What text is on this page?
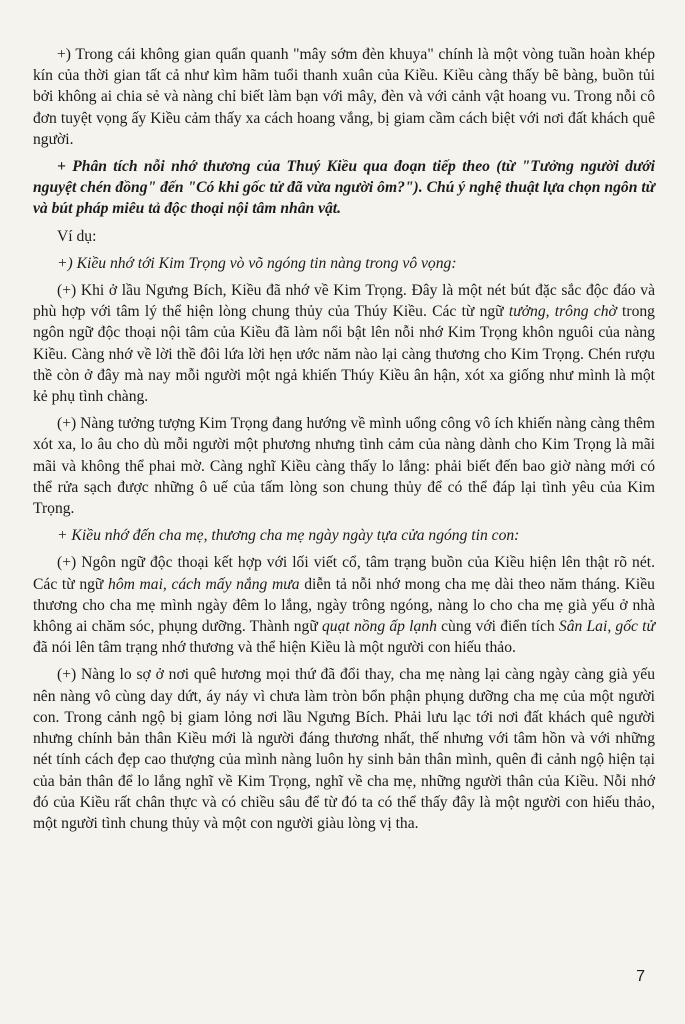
+) Trong cái không gian quẩn quanh "mây sớm đèn khuya" chính là một vòng tuần hoàn khép kín của thời gian tất cả như kìm hãm tuổi thanh xuân của Kiều. Kiều càng thấy bẽ bàng, buồn tủi bởi không ai chia sẻ và nàng chỉ biết làm bạn với mây, đèn và với cảnh vật hoang vu. Trong nỗi cô đơn tuyệt vọng ấy Kiều cảm thấy xa cách hoang vắng, bị giam cầm cách biệt với nơi đất khách quê người.

+ Phân tích nỗi nhớ thương của Thuý Kiều qua đoạn tiếp theo (từ "Tưởng người dưới nguyệt chén đồng" đến "Có khi gốc tử đã vừa người ôm?"). Chú ý nghệ thuật lựa chọn ngôn từ và bút pháp miêu tả độc thoại nội tâm nhân vật.

Ví dụ:

+) Kiều nhớ tới Kim Trọng vò võ ngóng tin nàng trong vô vọng:

(+) Khi ở lầu Ngưng Bích, Kiều đã nhớ về Kim Trọng. Đây là một nét bút đặc sắc độc đáo và phù hợp với tâm lý thể hiện lòng chung thủy của Thúy Kiều. Các từ ngữ tưởng, trông chờ trong ngôn ngữ độc thoại nội tâm của Kiều đã làm nổi bật lên nỗi nhớ Kim Trọng khôn nguôi của nàng Kiều. Càng nhớ về lời thề đôi lứa lời hẹn ước năm nào lại càng thương cho Kim Trọng. Chén rượu thề còn ở đây mà nay mỗi người một ngả khiến Thúy Kiều ân hận, xót xa giống như mình là một kẻ phụ tình chàng.

(+) Nàng tưởng tượng Kim Trọng đang hướng về mình uổng công vô ích khiến nàng càng thêm xót xa, lo âu cho dù mỗi người một phương nhưng tình cảm của nàng dành cho Kim Trọng là mãi mãi và không thể phai mờ. Càng nghĩ Kiều càng thấy lo lắng: phải biết đến bao giờ nàng mới có thể rửa sạch được những ô uế của tấm lòng son chung thủy để có thể đáp lại tình yêu của Kim Trọng.

+ Kiều nhớ đến cha mẹ, thương cha mẹ ngày ngày tựa cửa ngóng tin con:

(+) Ngôn ngữ độc thoại kết hợp với lối viết cổ, tâm trạng buồn của Kiều hiện lên thật rõ nét. Các từ ngữ hôm mai, cách mấy nắng mưa diễn tả nỗi nhớ mong cha mẹ dài theo năm tháng. Kiều thương cho cha mẹ mình ngày đêm lo lắng, ngày trông ngóng, nàng lo cho cha mẹ già yếu ở nhà không ai chăm sóc, phụng dưỡng. Thành ngữ quạt nồng ấp lạnh cùng với điển tích Sân Lai, gốc tử đã nói lên tâm trạng nhớ thương và thể hiện Kiều là một người con hiếu thảo.

(+) Nàng lo sợ ở nơi quê hương mọi thứ đã đổi thay, cha mẹ nàng lại càng ngày càng già yếu nên nàng vô cùng day dứt, áy náy vì chưa làm tròn bổn phận phụng dưỡng cha mẹ của một người con. Trong cảnh ngộ bị giam lỏng nơi lầu Ngưng Bích. Phải lưu lạc tới nơi đất khách quê người nhưng chính bản thân Kiều mới là người đáng thương nhất, thế nhưng với tâm hồn và với những nét tính cách đẹp cao thượng của mình nàng luôn hy sinh bản thân mình, quên đi cảnh ngộ hiện tại của bản thân để lo lắng nghĩ về Kim Trọng, nghĩ về cha mẹ, những người thân của Kiều. Nỗi nhớ đó của Kiều rất chân thực và có chiều sâu để từ đó ta có thể thấy đây là một người con hiếu thảo, một người tình chung thủy và một con người giàu lòng vị tha.

7
